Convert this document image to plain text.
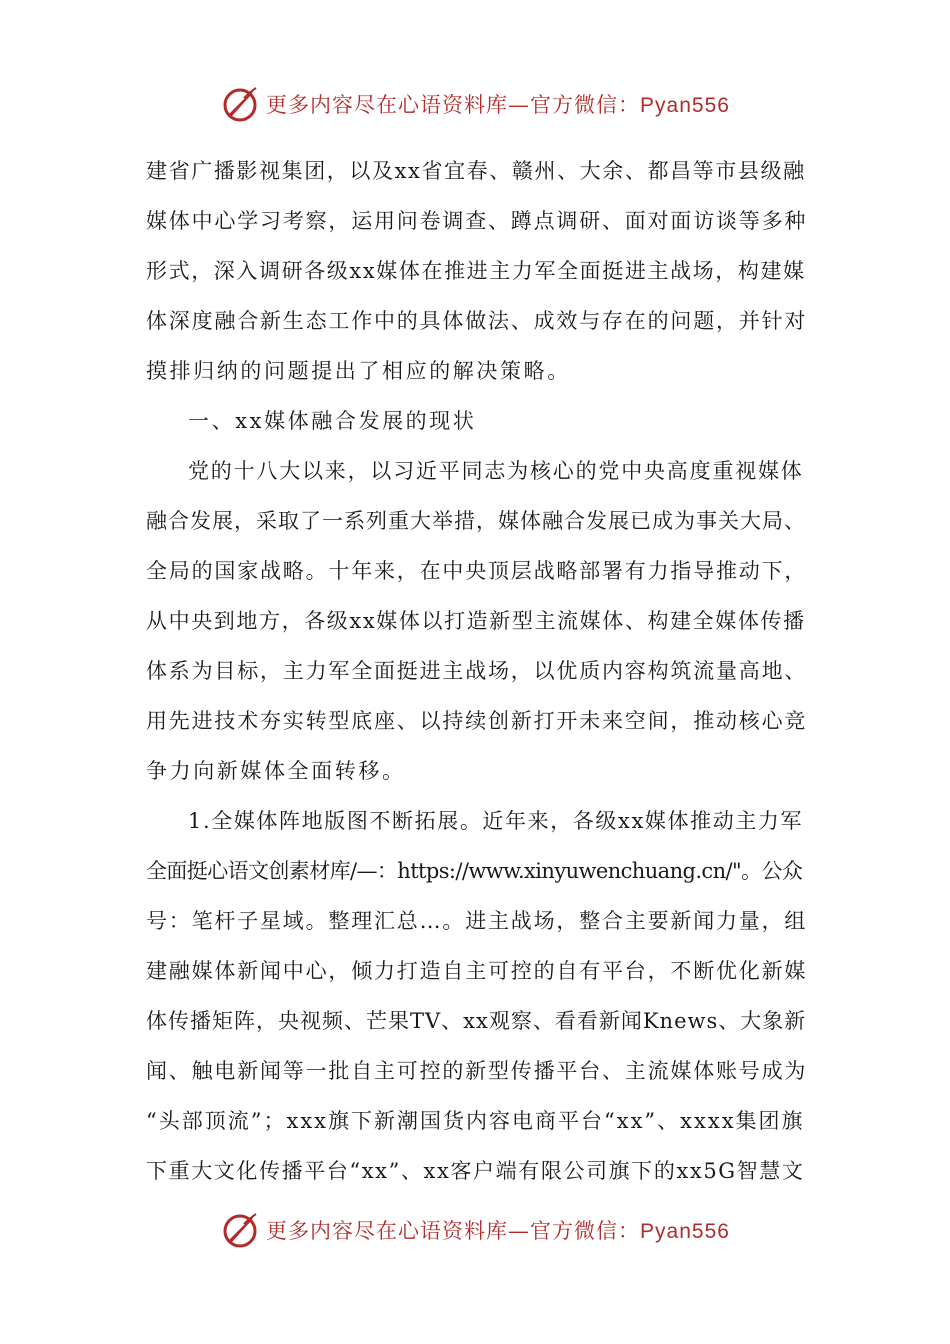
更多内容尽在心语资料库—官方微信：Pyan556
建省广播影视集团，以及xx省宜春、赣州、大余、都昌等市县级融
媒体中心学习考察，运用问卷调查、蹲点调研、面对面访谈等多种
形式，深入调研各级xx媒体在推进主力军全面挺进主战场，构建媒
体深度融合新生态工作中的具体做法、成效与存在的问题，并针对
摸排归纳的问题提出了相应的解决策略。
一、xx媒体融合发展的现状
党的十八大以来，以习近平同志为核心的党中央高度重视媒体
融合发展，采取了一系列重大举措，媒体融合发展已成为事关大局、
全局的国家战略。十年来，在中央顶层战略部署有力指导推动下，
从中央到地方，各级xx媒体以打造新型主流媒体、构建全媒体传播
体系为目标，主力军全面挺进主战场，以优质内容构筑流量高地、
用先进技术夯实转型底座、以持续创新打开未来空间，推动核心竞
争力向新媒体全面转移。
1.全媒体阵地版图不断拓展。近年来，各级xx媒体推动主力军
全面挺心语文创素材库/—：https://www.xinyuwenchuang.cn/"。公众
号：笔杆子星域。整理汇总…。进主战场，整合主要新闻力量，组
建融媒体新闻中心，倾力打造自主可控的自有平台，不断优化新媒
体传播矩阵，央视频、芒果TV、xx观察、看看新闻Knews、大象新
闻、触电新闻等一批自主可控的新型传播平台、主流媒体账号成为
“头部顶流”；xxx旗下新潮国货内容电商平台“xx”、xxxx集团旗
下重大文化传播平台“xx”、xx客户端有限公司旗下的xx5G智慧文
更多内容尽在心语资料库—官方微信：Pyan556
